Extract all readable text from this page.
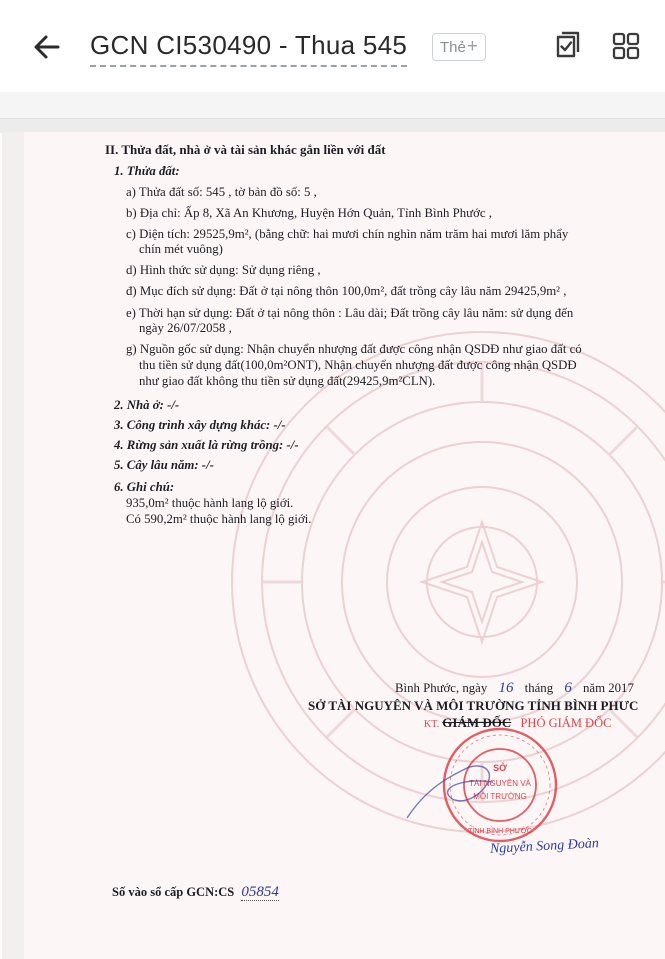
GCN CI530490 - Thua 545	Thẻ+
II. Thửa đất, nhà ở và tài sản khác gắn liền với đất
1. Thửa đất:
a) Thửa đất số: 545 , tờ bản đồ số: 5 ,
b) Địa chỉ: Ấp 8, Xã An Khương, Huyện Hớn Quản, Tỉnh Bình Phước ,
c) Diện tích: 29525,9m², (bằng chữ: hai mươi chín nghìn năm trăm hai mươi lăm phẩy
chín mét vuông)
d) Hình thức sử dụng: Sử dụng riêng ,
đ) Mục đích sử dụng: Đất ở tại nông thôn 100,0m², đất trồng cây lâu năm 29425,9m² ,
e) Thời hạn sử dụng: Đất ở tại nông thôn : Lâu dài; Đất trồng cây lâu năm: sử dụng đến
ngày 26/07/2058 ,
g) Nguồn gốc sử dụng: Nhận chuyển nhượng đất được công nhận QSDĐ như giao đất có
thu tiền sử dụng đất(100,0m²ONT), Nhận chuyển nhượng đất được công nhận QSDĐ
như giao đất không thu tiền sử dụng đất(29425,9m²CLN).
2. Nhà ở: -/-
3. Công trình xây dựng khác: -/-
4. Rừng sản xuất là rừng trồng: -/-
5. Cây lâu năm: -/-
6. Ghi chú:
935,0m² thuộc hành lang lộ giới.
Có 590,2m² thuộc hành lang lộ giới.
Bình Phước, ngày 16 tháng 6 năm 2017
SỞ TÀI NGUYÊN VÀ MÔI TRƯỜNG TỈNH BÌNH PHƯC
KT. GIÁM ĐỐC PHÓ GIÁM ĐỐC
SỞ
TÀI NGUYÊN VÀ
MÔI TRƯỜNG
TỈNH BÌNH PHƯỚC
Nguyễn Song Đoàn
Số vào sổ cấp GCN:CS 05854
